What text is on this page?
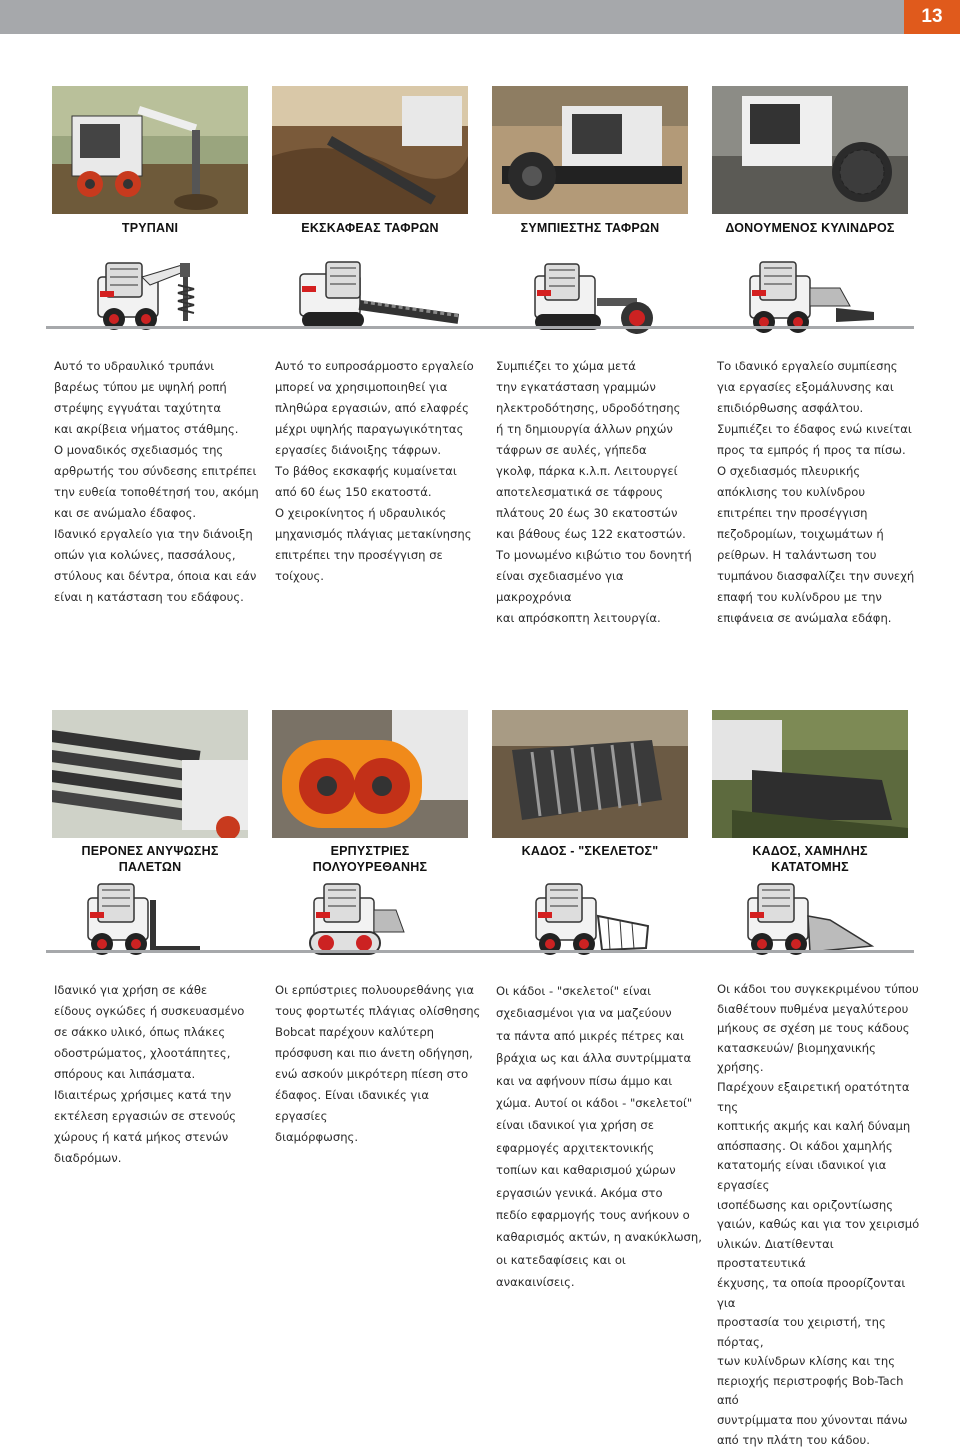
13
ΤΡΥΠΑΝΙ	ΕΚΣΚΑΦΕΑΣ ΤΑΦΡΩΝ	ΣΥΜΠΙΕΣΤΗΣ ΤΑΦΡΩΝ	ΔΟΝΟΥΜΕΝΟΣ ΚΥΛΙΝΔΡΟΣ
Αυτό το υδραυλικό τρυπάνι
βαρέως τύπου με υψηλή ροπή
στρέψης εγγυάται ταχύτητα
και ακρίβεια νήματος στάθμης.
Ο μοναδικός σχεδιασμός της
αρθρωτής του σύνδεσης επιτρέπει
την ευθεία τοποθέτησή του, ακόμη
και σε ανώμαλο έδαφος.
Ιδανικό εργαλείο για την διάνοιξη
οπών για κολώνες, πασσάλους,
στύλους και δέντρα, όποια και εάν
είναι η κατάσταση του εδάφους.
Αυτό το ευπροσάρμοστο εργαλείο
μπορεί να χρησιμοποιηθεί για
πληθώρα εργασιών, από ελαφρές
μέχρι υψηλής παραγωγικότητας
εργασίες διάνοιξης τάφρων.
Το βάθος εκσκαφής κυμαίνεται
από 60 έως 150 εκατοστά.
Ο χειροκίνητος ή υδραυλικός
μηχανισμός πλάγιας μετακίνησης
επιτρέπει την προσέγγιση σε
τοίχους.
Συμπιέζει το χώμα μετά
την εγκατάσταση γραμμών
ηλεκτροδότησης, υδροδότησης
ή τη δημιουργία άλλων ρηχών
τάφρων σε αυλές, γήπεδα
γκολφ, πάρκα κ.λ.π. Λειτουργεί
αποτελεσματικά σε τάφρους
πλάτους 20 έως 30 εκατοστών
και βάθους έως 122 εκατοστών.
Το μονωμένο κιβώτιο του δονητή
είναι σχεδιασμένο για μακροχρόνια
και απρόσκοπτη λειτουργία.
Το ιδανικό εργαλείο συμπίεσης
για εργασίες εξομάλυνσης και
επιδιόρθωσης ασφάλτου.
Συμπιέζει το έδαφος ενώ κινείται
προς τα εμπρός ή προς τα πίσω.
Ο σχεδιασμός πλευρικής
απόκλισης του κυλίνδρου
επιτρέπει την προσέγγιση
πεζοδρομίων, τοιχωμάτων ή
ρείθρων. Η ταλάντωση του
τυμπάνου διασφαλίζει την συνεχή
επαφή του κυλίνδρου με την
επιφάνεια σε ανώμαλα εδάφη.
ΠΕΡΟΝΕΣ ΑΝΥΨΩΣΗΣ
ΠΑΛΕΤΩΝ
ΕΡΠΥΣΤΡΙΕΣ
ΠΟΛΥΟΥΡΕΘΑΝΗΣ
ΚΑΔΟΣ - "ΣΚΕΛΕΤΟΣ"	ΚΑΔΟΣ, ΧΑΜΗΛΗΣ
ΚΑΤΑΤΟΜΗΣ
Ιδανικό για χρήση σε κάθε
είδους ογκώδες ή συσκευασμένο
σε σάκκο υλικό, όπως πλάκες
οδοστρώματος, χλοοτάπητες,
σπόρους και λιπάσματα.
Ιδιαιτέρως χρήσιμες κατά την
εκτέλεση εργασιών σε στενούς
χώρους ή κατά μήκος στενών
διαδρόμων.
Οι ερπύστριες πολυουρεθάνης για
τους φορτωτές πλάγιας ολίσθησης
Bobcat παρέχουν καλύτερη
πρόσφυση και πιο άνετη οδήγηση,
ενώ ασκούν μικρότερη πίεση στο
έδαφος. Είναι ιδανικές για εργασίες
διαμόρφωσης.
Οι κάδοι - "σκελετοί" είναι
σχεδιασμένοι για να μαζεύουν
τα πάντα από μικρές πέτρες και
βράχια ως και άλλα συντρίμματα
και να αφήνουν πίσω άμμο και
χώμα. Αυτοί οι κάδοι - "σκελετοί"
είναι ιδανικοί για χρήση σε
εφαρμογές αρχιτεκτονικής
τοπίων και καθαρισμού χώρων
εργασιών γενικά. Ακόμα στο
πεδίο εφαρμογής τους ανήκουν ο
καθαρισμός ακτών, η ανακύκλωση,
οι κατεδαφίσεις και οι ανακαινίσεις.
Οι κάδοι του συγκεκριμένου τύπου
διαθέτουν πυθμένα μεγαλύτερου
μήκους σε σχέση με τους κάδους
κατασκευών/ βιομηχανικής χρήσης.
Παρέχουν εξαιρετική ορατότητα της
κοπτικής ακμής και καλή δύναμη
απόσπασης. Οι κάδοι χαμηλής
κατατομής είναι ιδανικοί για εργασίες
ισοπέδωσης και οριζοντίωσης
γαιών, καθώς και για τον χειρισμό
υλικών. Διατίθενται προστατευτικά
έκχυσης, τα οποία προορίζονται για
προστασία του χειριστή, της πόρτας,
των κυλίνδρων κλίσης και της
περιοχής περιστροφής Bob-Tach από
συντρίμματα που χύνονται πάνω
από την πλάτη του κάδου.
